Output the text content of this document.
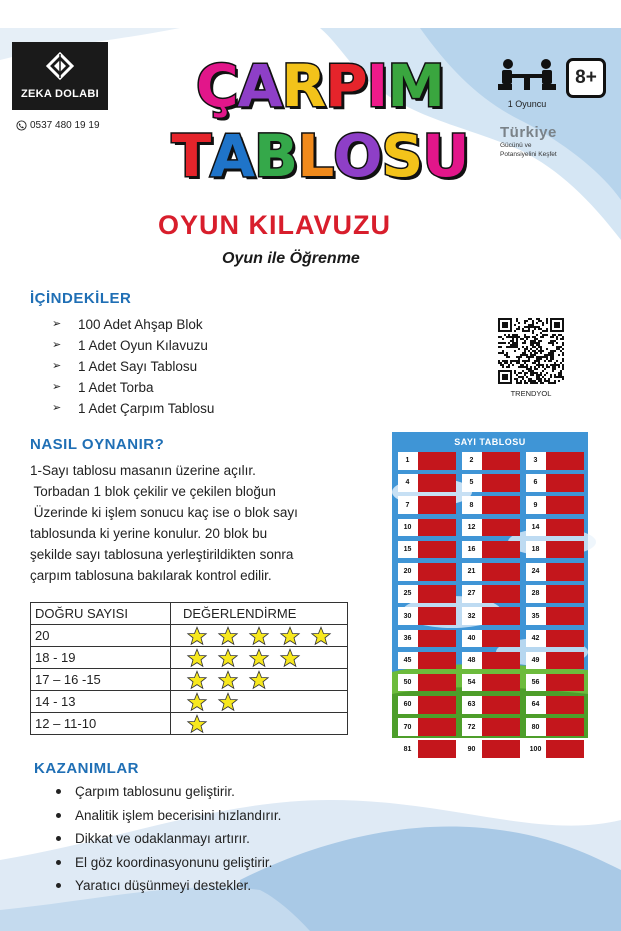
ZEKA DOLABI
0537 480 19 19
ÇARPIM
TABLOSU
1 Oyuncu
8+
Türkiye
Gücünü ve
Potansiyelini Keşfet
OYUN KILAVUZU
Oyun ile Öğrenme
İÇİNDEKİLER
➢	100 Adet Ahşap Blok
➢	1 Adet Oyun Kılavuzu
➢	1 Adet Sayı Tablosu
➢	1 Adet Torba
➢	1 Adet Çarpım Tablosu
TRENDYOL
NASIL OYNANIR?

1-Sayı tablosu masanın üzerine açılır.

Torbadan 1 blok çekilir ve çekilen bloğun

Üzerinde ki işlem sonucu kaç ise o blok sayı

tablosunda ki yerine konulur. 20 blok bu

şekilde sayı tablosuna yerleştirildikten sonra

çarpım tablosuna bakılarak kontrol edilir.

DOĞRU SAYISI	DEĞERLENDİRME
20	

18 - 19	

17 – 16 -15	

14 - 13	

12 – 11-10	
KAZANIMLAR
Çarpım tablosunu geliştirir.
Analitik işlem becerisini hızlandırır.
Dikkat ve odaklanmayı artırır.
El göz koordinasyonunu geliştirir.
Yaratıcı düşünmeyi destekler.
SAYI TABLOSU
1	2	3
4	5	6
7	8	9
10	12	14
15	16	18
20	21	24
25	27	28
30	32	35
36	40	42
45	48	49
50	54	56
60	63	64
70	72	80
81	90	100
